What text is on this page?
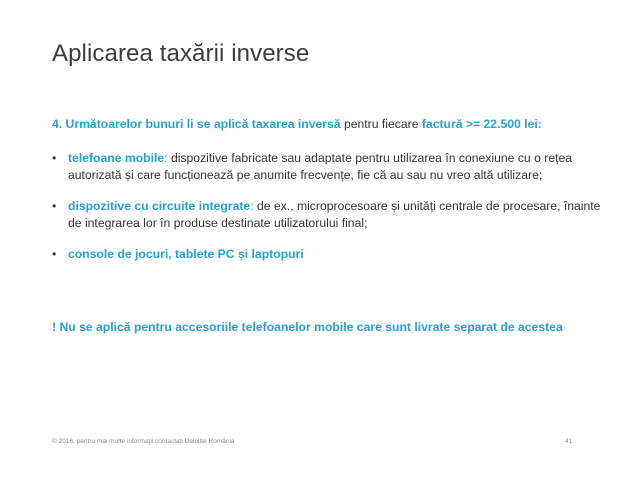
Aplicarea taxării inverse

4. Următoarelor bunuri li se aplică taxarea inversă pentru fiecare factură >= 22.500 lei:

• telefoane mobile: dispozitive fabricate sau adaptate pentru utilizarea în conexiune cu o rețea autorizată și care funcționează pe anumite frecvențe, fie că au sau nu vreo altă utilizare;
• dispozitive cu circuite integrate: de ex., microprocesoare și unități centrale de procesare, înainte de integrarea lor în produse destinate utilizatorului final;
• console de jocuri, tablete PC și laptopuri
! Nu se aplică pentru accesoriile telefoanelor mobile care sunt livrate separat de acestea
© 2016, pentru mai multe informații contactați Deloitte România	41
